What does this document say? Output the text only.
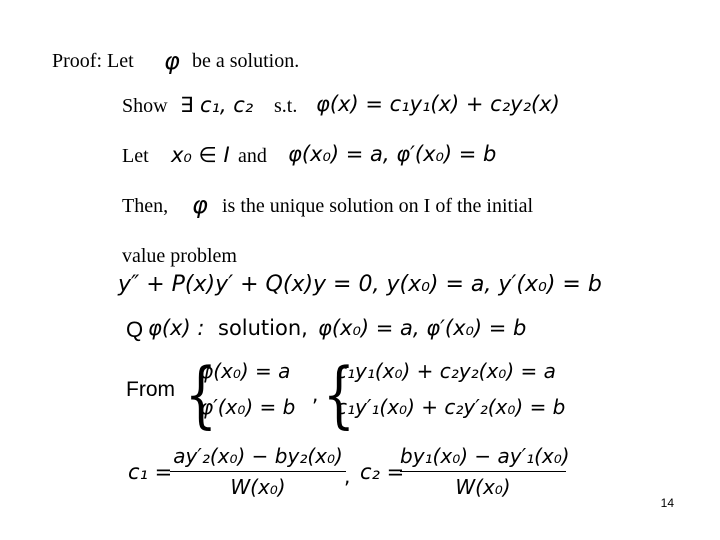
Proof: Let φ be a solution.
Show ∃ c₁, c₂ s.t. φ(x) = c₁y₁(x) + c₂y₂(x)
Let x₀ ∈ I and φ(x₀) = a, φ′(x₀) = b
Then, φ is the unique solution on I of the initial
value problem
y″ + P(x)y′ + Q(x)y = 0, y(x₀) = a, y′(x₀) = b
Q φ(x) : solution, φ(x₀) = a, φ′(x₀) = b
From {
φ(x₀) = a
φ′(x₀) = b
, {
c₁y₁(x₀) + c₂y₂(x₀) = a
c₁y′₁(x₀) + c₂y′₂(x₀) = b
c₁ =
ay′₂(x₀) − by₂(x₀)
W(x₀)	, c₂ =
by₁(x₀) − ay′₁(x₀)
W(x₀)
14
